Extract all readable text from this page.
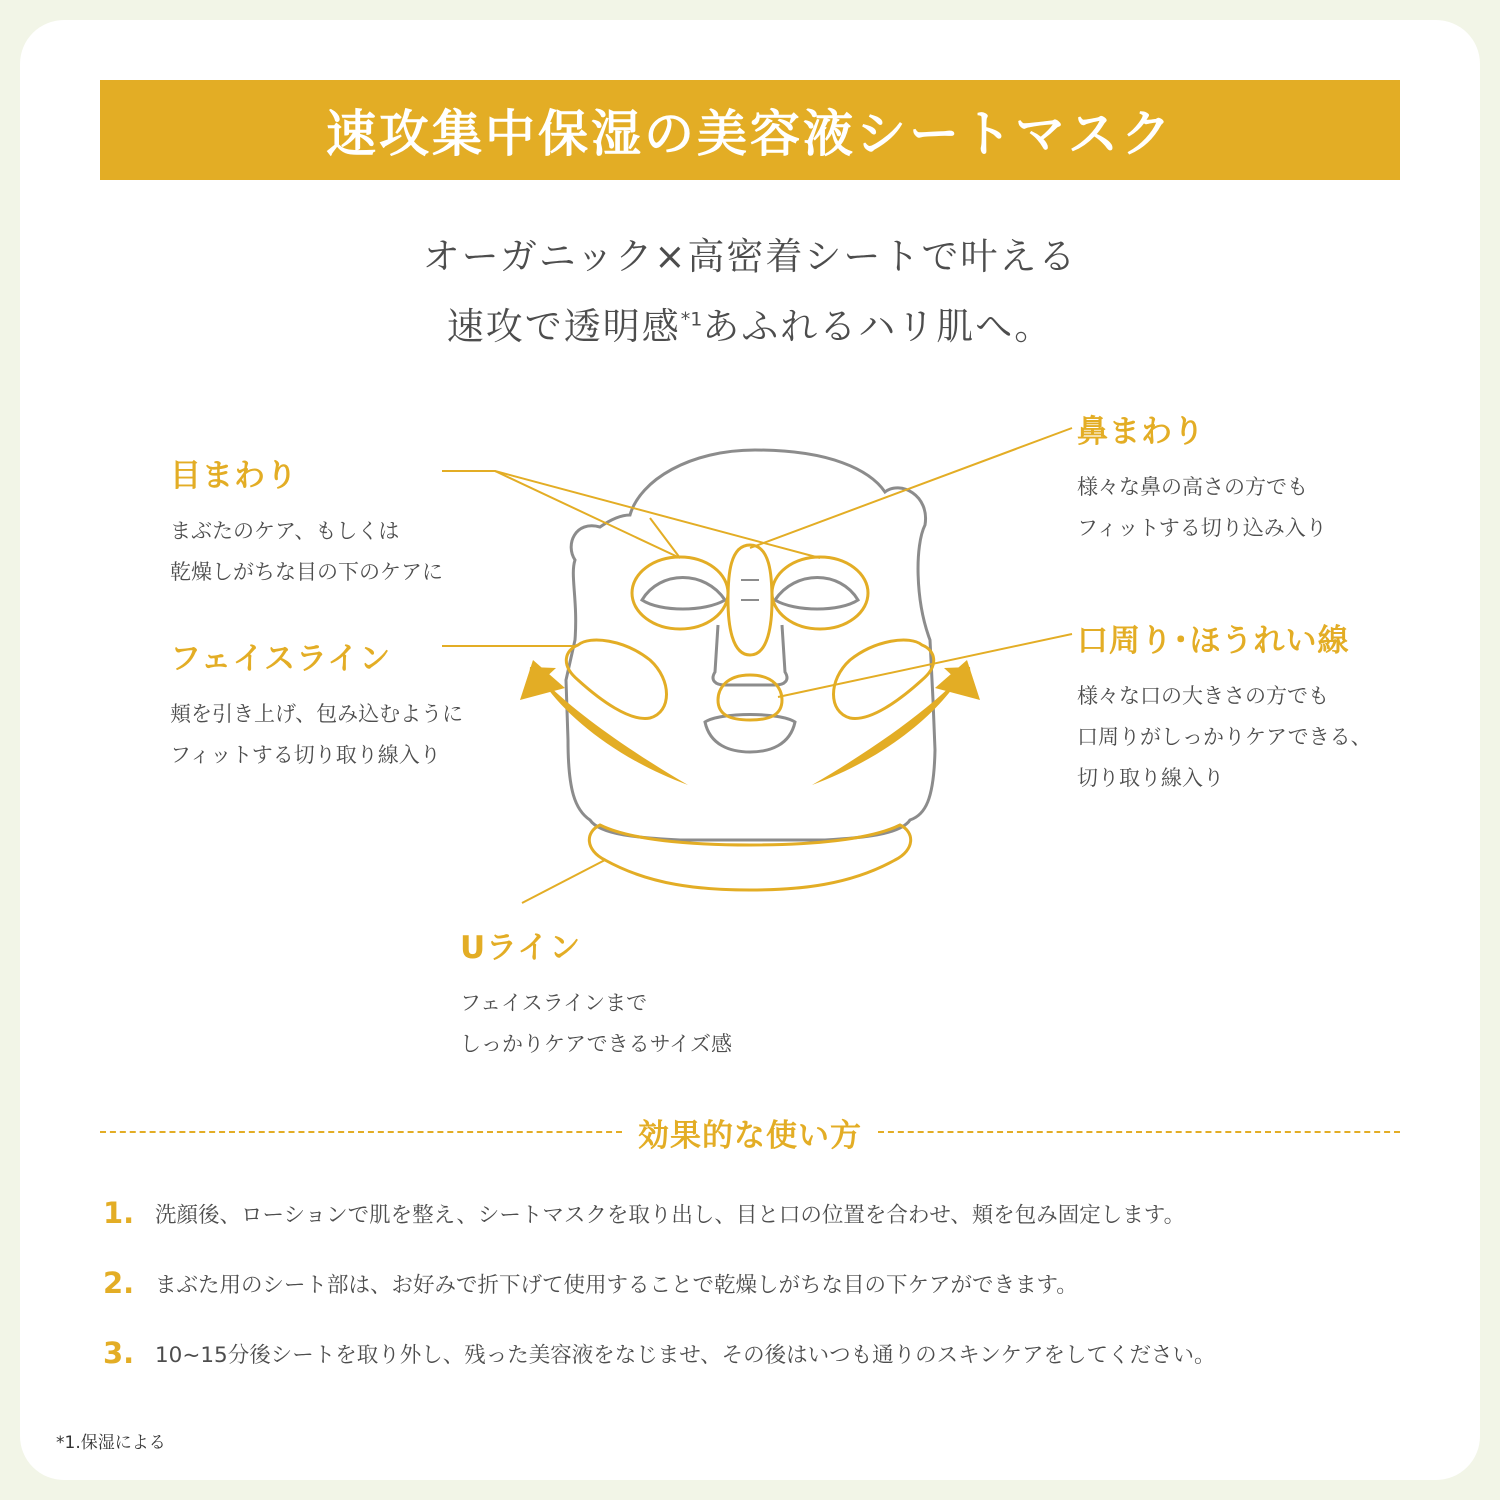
速攻集中保湿の美容液シートマスク
オーガニック×高密着シートで叶える
速攻で透明感$^{*1}$あふれるハリ肌へ。
目まわり
まぶたのケア、もしくは
乾燥しがちな目の下のケアに
鼻まわり
様々な鼻の高さの方でも
フィットする切り込み入り
フェイスライン
頬を引き上げ、包み込むように
フィットする切り取り線入り
口周り･ほうれい線
様々な口の大きさの方でも
口周りがしっかりケアできる、
切り取り線入り
Uライン
フェイスラインまで
しっかりケアできるサイズ感
効果的な使い方
1. 洗顔後、ローションで肌を整え、シートマスクを取り出し、目と口の位置を合わせ、頬を包み固定します。
2. まぶた用のシート部は、お好みで折下げて使用することで乾燥しがちな目の下ケアができます。
3. 10~15分後シートを取り外し、残った美容液をなじませ、その後はいつも通りのスキンケアをしてください。
*1.保湿による
